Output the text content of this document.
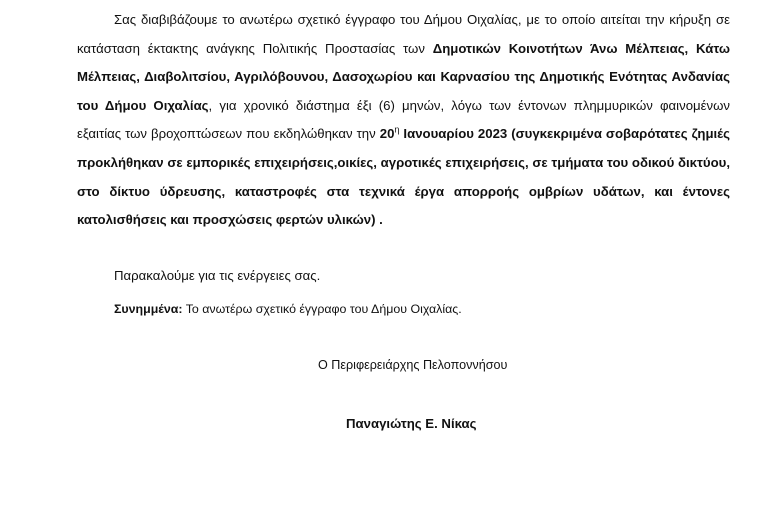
Σας διαβιβάζουμε το ανωτέρω σχετικό έγγραφο του Δήμου Οιχαλίας, με το οποίο αιτείται την κήρυξη σε κατάσταση έκτακτης ανάγκης Πολιτικής Προστασίας των Δημοτικών Κοινοτήτων Άνω Μέλπειας, Κάτω Μέλπειας, Διαβολιτσίου, Αγριλόβουνου, Δασοχωρίου και Καρνασίου της Δημοτικής Ενότητας Ανδανίας του Δήμου Οιχαλίας, για χρονικό διάστημα έξι (6) μηνών, λόγω των έντονων πλημμυρικών φαινομένων εξαιτίας των βροχοπτώσεων που εκδηλώθηκαν την $20^\eta$ Ιανουαρίου 2023 (συγκεκριμένα σοβαρότατες ζημιές προκλήθηκαν σε εμπορικές επιχειρήσεις,οικίες, αγροτικές επιχειρήσεις, σε τμήματα του οδικού δικτύου, στο δίκτυο ύδρευσης, καταστροφές στα τεχνικά έργα απορροής ομβρίων υδάτων, και έντονες κατολισθήσεις και προσχώσεις φερτών υλικών) .

Παρακαλούμε για τις ενέργειες σας.

Συνημμένα: Το ανωτέρω σχετικό έγγραφο του Δήμου Οιχαλίας.

Ο Περιφερειάρχης Πελοποννήσου

Παναγιώτης Ε. Νίκας
